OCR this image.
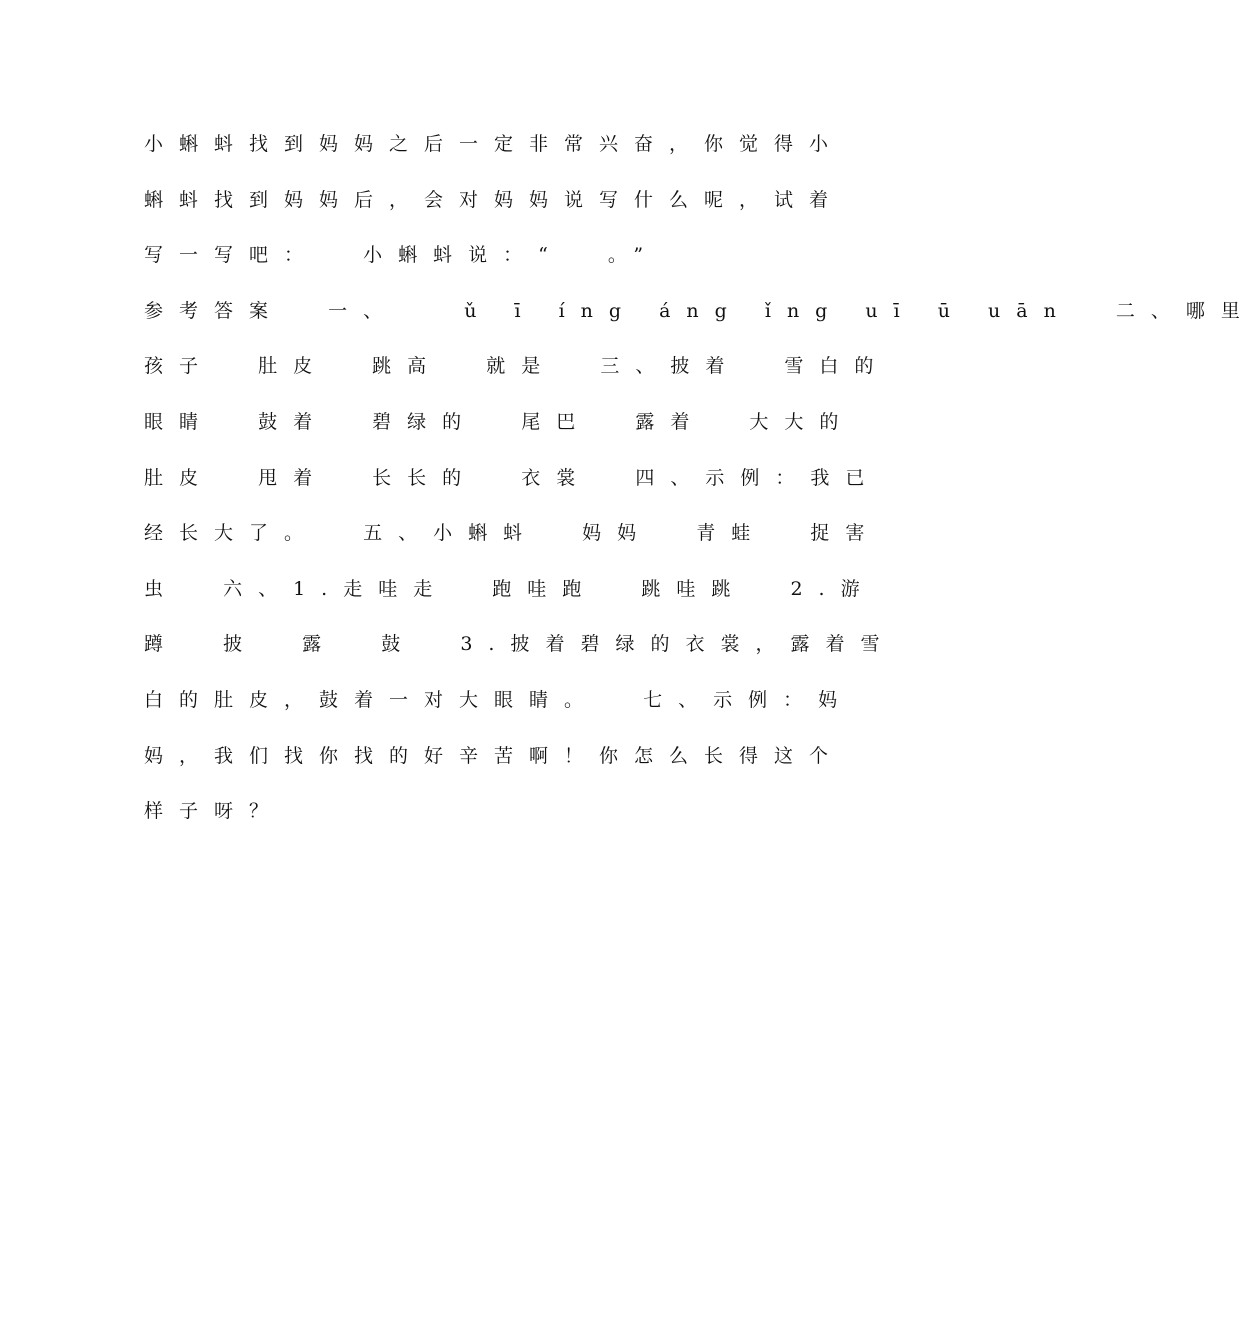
小蝌蚪找到妈妈之后一定非常兴奋，你觉得小
蝌蚪找到妈妈后，会对妈妈说写什么呢，试着
写一写吧：  小蝌蚪说：“  。”
参考答案  一、   ǔ ī íng áng ǐng uī ū uān  二、哪里
孩子  肚皮  跳高  就是  三、披着  雪白的
眼睛  鼓着  碧绿的  尾巴  露着  大大的
肚皮  甩着  长长的  衣裳  四、示例：我已
经长大了。  五、小蝌蚪  妈妈  青蛙  捉害
虫  六、1.走哇走  跑哇跑  跳哇跳  2.游
蹲  披  露  鼓  3.披着碧绿的衣裳，露着雪
白的肚皮，鼓着一对大眼睛。  七、示例：妈
妈，我们找你找的好辛苦啊！你怎么长得这个
样子呀？
